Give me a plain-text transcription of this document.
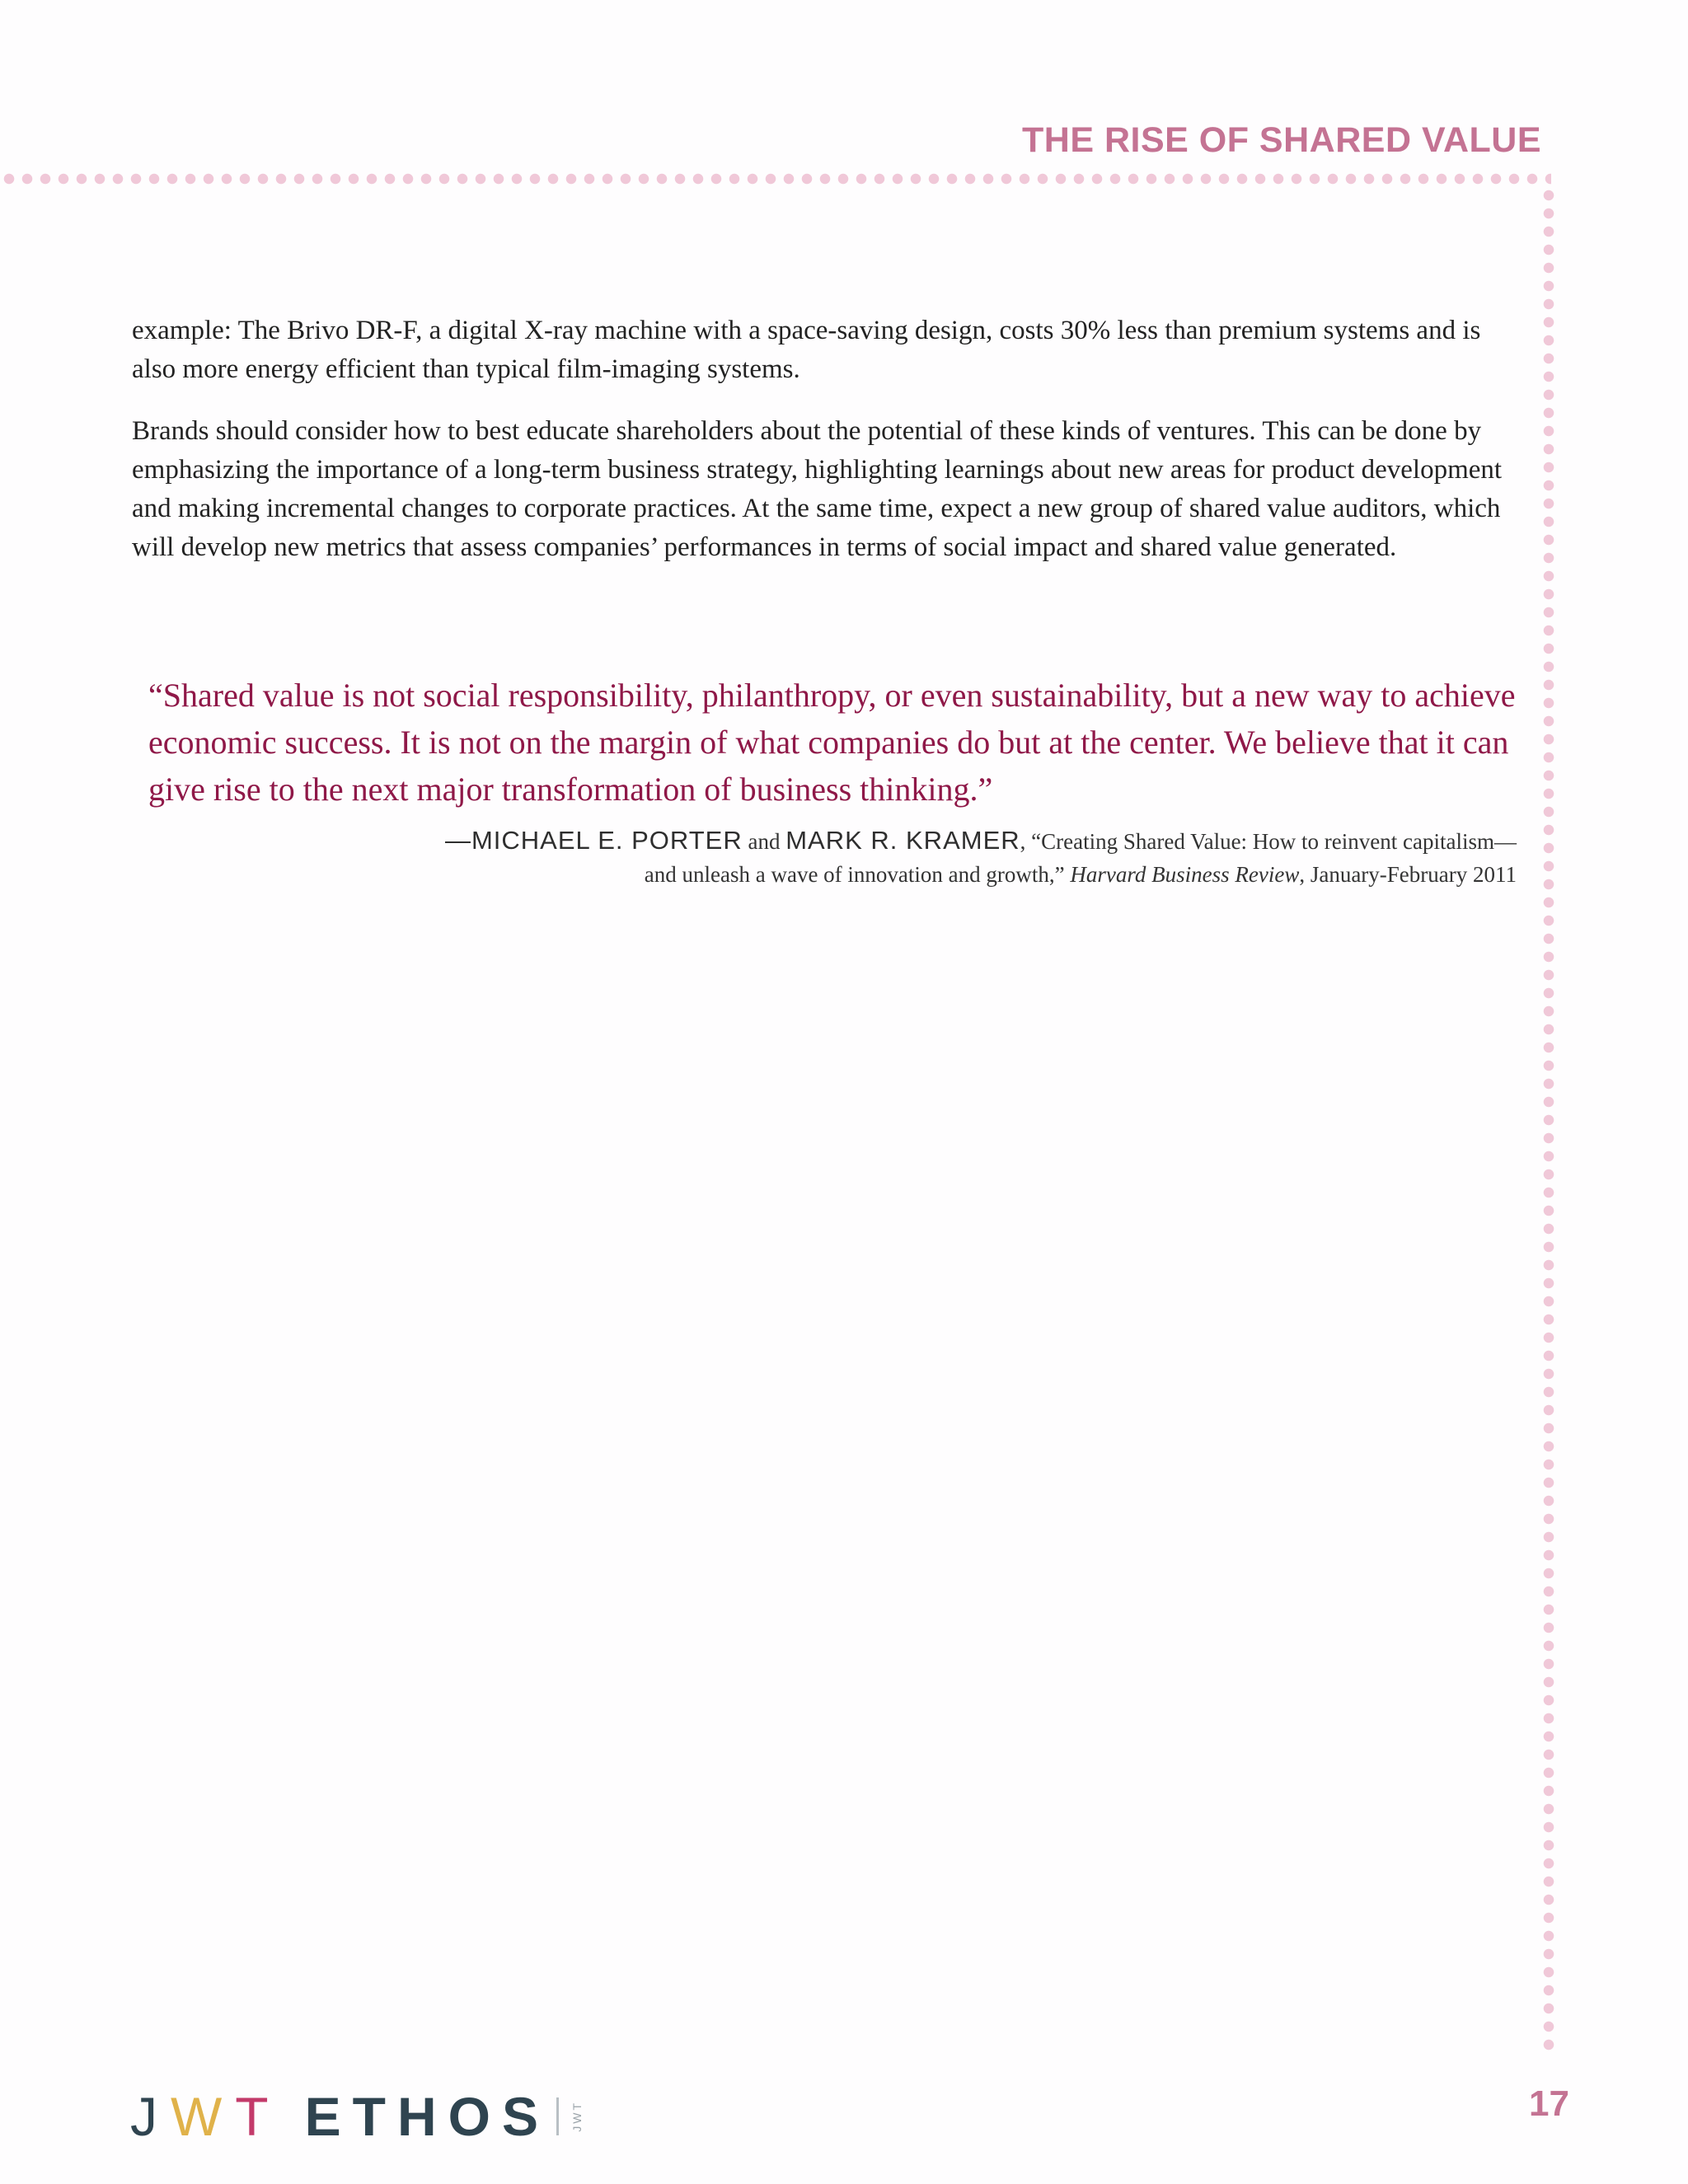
THE RISE OF SHARED VALUE

example: The Brivo DR-F, a digital X-ray machine with a space-saving design, costs 30% less than premium systems and is also more energy efficient than typical film-imaging systems.

Brands should consider how to best educate shareholders about the potential of these kinds of ventures. This can be done by emphasizing the importance of a long-term business strategy, highlighting learnings about new areas for product development and making incremental changes to corporate practices. At the same time, expect a new group of shared value auditors, which will develop new metrics that assess companies’ performances in terms of social impact and shared value generated.

“Shared value is not social responsibility, philanthropy, or even sustainability, but a new way to achieve economic success. It is not on the margin of what companies do but at the center. We believe that it can give rise to the next major transformation of business thinking.”

—MICHAEL E. PORTER and MARK R. KRAMER, “Creating Shared Value: How to reinvent capitalism—
and unleash a wave of innovation and growth,” Harvard Business Review, January-February 2011
JWT ETHOS JWT	17
